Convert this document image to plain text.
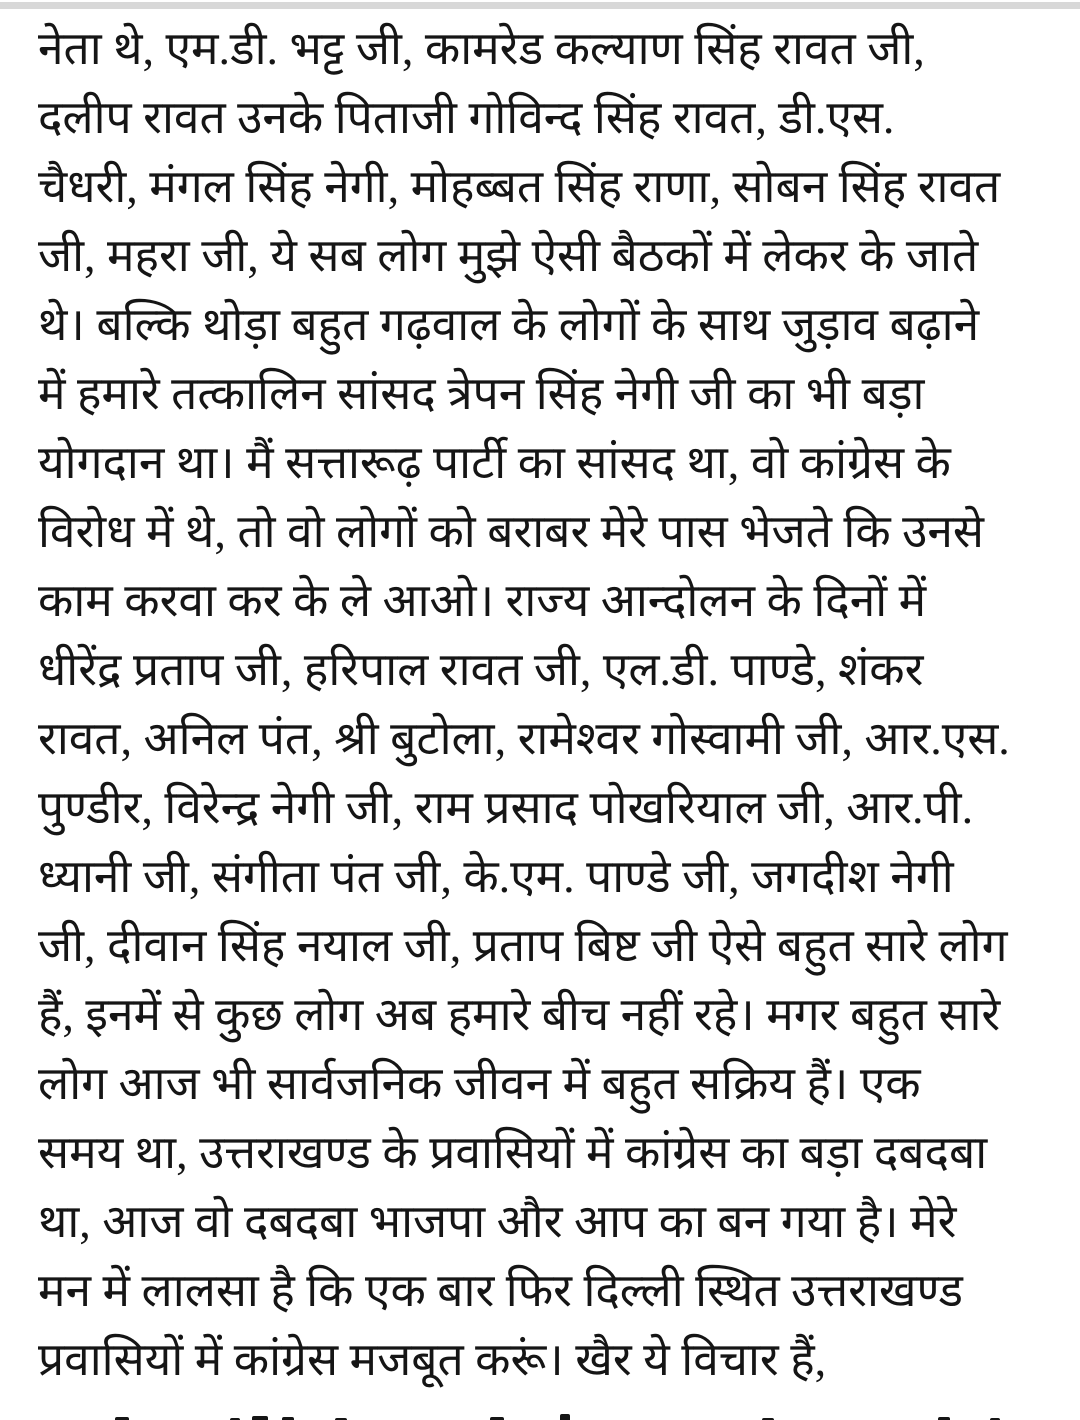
नेता थे, एम.डी. भट्ट जी, कामरेड कल्याण सिंह रावत जी,
दलीप रावत उनके पिताजी गोविन्द सिंह रावत, डी.एस.
चैधरी, मंगल सिंह नेगी, मोहब्बत सिंह राणा, सोबन सिंह रावत
जी, महरा जी, ये सब लोग मुझे ऐसी बैठकों में लेकर के जाते
थे। बल्कि थोड़ा बहुत गढ़वाल के लोगों के साथ जुड़ाव बढ़ाने
में हमारे तत्कालिन सांसद त्रेपन सिंह नेगी जी का भी बड़ा
योगदान था। मैं सत्तारूढ़ पार्टी का सांसद था, वो कांग्रेस के
विरोध में थे, तो वो लोगों को बराबर मेरे पास भेजते कि उनसे
काम करवा कर के ले आओ। राज्य आन्दोलन के दिनों में
धीरेंद्र प्रताप जी, हरिपाल रावत जी, एल.डी. पाण्डे, शंकर
रावत, अनिल पंत, श्री बुटोला, रामेश्वर गोस्वामी जी, आर.एस.
पुण्डीर, विरेन्द्र नेगी जी, राम प्रसाद पोखरियाल जी, आर.पी.
ध्यानी जी, संगीता पंत जी, के.एम. पाण्डे जी, जगदीश नेगी
जी, दीवान सिंह नयाल जी, प्रताप बिष्ट जी ऐसे बहुत सारे लोग
हैं, इनमें से कुछ लोग अब हमारे बीच नहीं रहे। मगर बहुत सारे
लोग आज भी सार्वजनिक जीवन में बहुत सक्रिय हैं। एक
समय था, उत्तराखण्ड के प्रवासियों में कांग्रेस का बड़ा दबदबा
था, आज वो दबदबा भाजपा और आप का बन गया है। मेरे
मन में लालसा है कि एक बार फिर दिल्ली स्थित उत्तराखण्ड
प्रवासियों में कांग्रेस मजबूत करूं। खैर ये विचार हैं,
